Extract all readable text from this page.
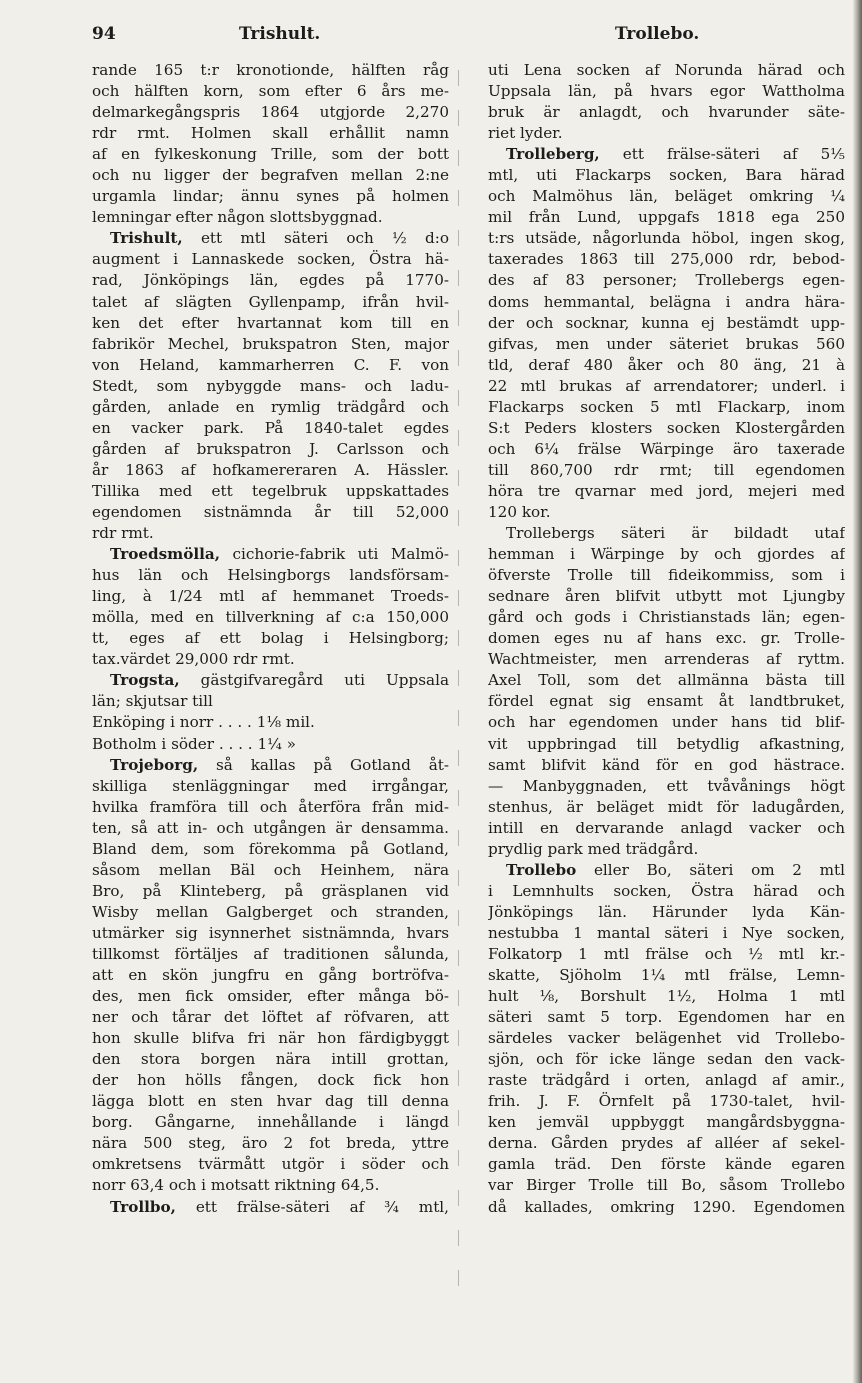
94	Trishult.	Trollebo.
rande 165 t:r kronotionde, hälften råg
och hälften korn, som efter 6 års me-
delmarkegångspris 1864 utgjorde 2,270
rdr rmt. Holmen skall erhållit namn
af en fylkeskonung Trille, som der bott
och nu ligger der begrafven mellan 2:ne
urgamla lindar; ännu synes på holmen
lemningar efter någon slottsbyggnad.
Trishult, ett mtl säteri och ½ d:o
augment i Lannaskede socken, Östra hä-
rad, Jönköpings län, egdes på 1770-
talet af slägten Gyllenpamp, ifrån hvil-
ken det efter hvartannat kom till en
fabrikör Mechel, brukspatron Sten, major
von Heland, kammarherren C. F. von
Stedt, som nybyggde mans- och ladu-
gården, anlade en rymlig trädgård och
en vacker park. På 1840-talet egdes
gården af brukspatron J. Carlsson och
år 1863 af hofkamereraren A. Hässler.
Tillika med ett tegelbruk uppskattades
egendomen sistnämnda år till 52,000
rdr rmt.
Troedsmölla, cichorie-fabrik uti Malmö-
hus län och Helsingborgs landsförsam-
ling, à 1/24 mtl af hemmanet Troeds-
mölla, med en tillverkning af c:a 150,000
tt, eges af ett bolag i Helsingborg;
tax.värdet 29,000 rdr rmt.
Trogsta, gästgifvaregård uti Uppsala
län; skjutsar till
Enköping i norr . . . . 1⅛ mil.
Botholm i söder . . . . 1¼ »
Trojeborg, så kallas på Gotland åt-
skilliga stenläggningar med irrgångar,
hvilka framföra till och återföra från mid-
ten, så att in- och utgången är densamma.
Bland dem, som förekomma på Gotland,
såsom mellan Bäl och Heinhem, nära
Bro, på Klinteberg, på gräsplanen vid
Wisby mellan Galgberget och stranden,
utmärker sig isynnerhet sistnämnda, hvars
tillkomst förtäljes af traditionen sålunda,
att en skön jungfru en gång bortröfva-
des, men fick omsider, efter många bö-
ner och tårar det löftet af röfvaren, att
hon skulle blifva fri när hon färdigbyggt
den stora borgen nära intill grottan,
der hon hölls fången, dock fick hon
lägga blott en sten hvar dag till denna
borg. Gångarne, innehållande i längd
nära 500 steg, äro 2 fot breda, yttre
omkretsens tvärmått utgör i söder och
norr 63,4 och i motsatt riktning 64,5.
Trollbo, ett frälse-säteri af ¾ mtl,
uti Lena socken af Norunda härad och
Uppsala län, på hvars egor Wattholma
bruk är anlagdt, och hvarunder säte-
riet lyder.
Trolleberg, ett frälse-säteri af 5⅕
mtl, uti Flackarps socken, Bara härad
och Malmöhus län, beläget omkring ¼
mil från Lund, uppgafs 1818 ega 250
t:rs utsäde, någorlunda höbol, ingen skog,
taxerades 1863 till 275,000 rdr, bebod-
des af 83 personer; Trollebergs egen-
doms hemmantal, belägna i andra hära-
der och socknar, kunna ej bestämdt upp-
gifvas, men under säteriet brukas 560
tld, deraf 480 åker och 80 äng, 21 à
22 mtl brukas af arrendatorer; underl. i
Flackarps socken 5 mtl Flackarp, inom
S:t Peders klosters socken Klostergården
och 6¼ frälse Wärpinge äro taxerade
till 860,700 rdr rmt; till egendomen
höra tre qvarnar med jord, mejeri med
120 kor.
Trollebergs säteri är bildadt utaf
hemman i Wärpinge by och gjordes af
öfverste Trolle till fideikommiss, som i
sednare åren blifvit utbytt mot Ljungby
gård och gods i Christianstads län; egen-
domen eges nu af hans exc. gr. Trolle-
Wachtmeister, men arrenderas af ryttm.
Axel Toll, som det allmänna bästa till
fördel egnat sig ensamt åt landtbruket,
och har egendomen under hans tid blif-
vit uppbringad till betydlig afkastning,
samt blifvit känd för en god hästrace.
— Manbyggnaden, ett tvåvånings högt
stenhus, är beläget midt för ladugården,
intill en dervarande anlagd vacker och
prydlig park med trädgård.
Trollebo eller Bo, säteri om 2 mtl
i Lemnhults socken, Östra härad och
Jönköpings län. Härunder lyda Kän-
nestubba 1 mantal säteri i Nye socken,
Folkatorp 1 mtl frälse och ½ mtl kr.-
skatte, Sjöholm 1¼ mtl frälse, Lemn-
hult ⅛, Borshult 1½, Holma 1 mtl
säteri samt 5 torp. Egendomen har en
särdeles vacker belägenhet vid Trollebo-
sjön, och för icke länge sedan den vack-
raste trädgård i orten, anlagd af amir.,
frih. J. F. Örnfelt på 1730-talet, hvil-
ken jemväl uppbyggt mangårdsbyggna-
derna. Gården prydes af alléer af sekel-
gamla träd. Den förste kände egaren
var Birger Trolle till Bo, såsom Trollebo
då kallades, omkring 1290. Egendomen
